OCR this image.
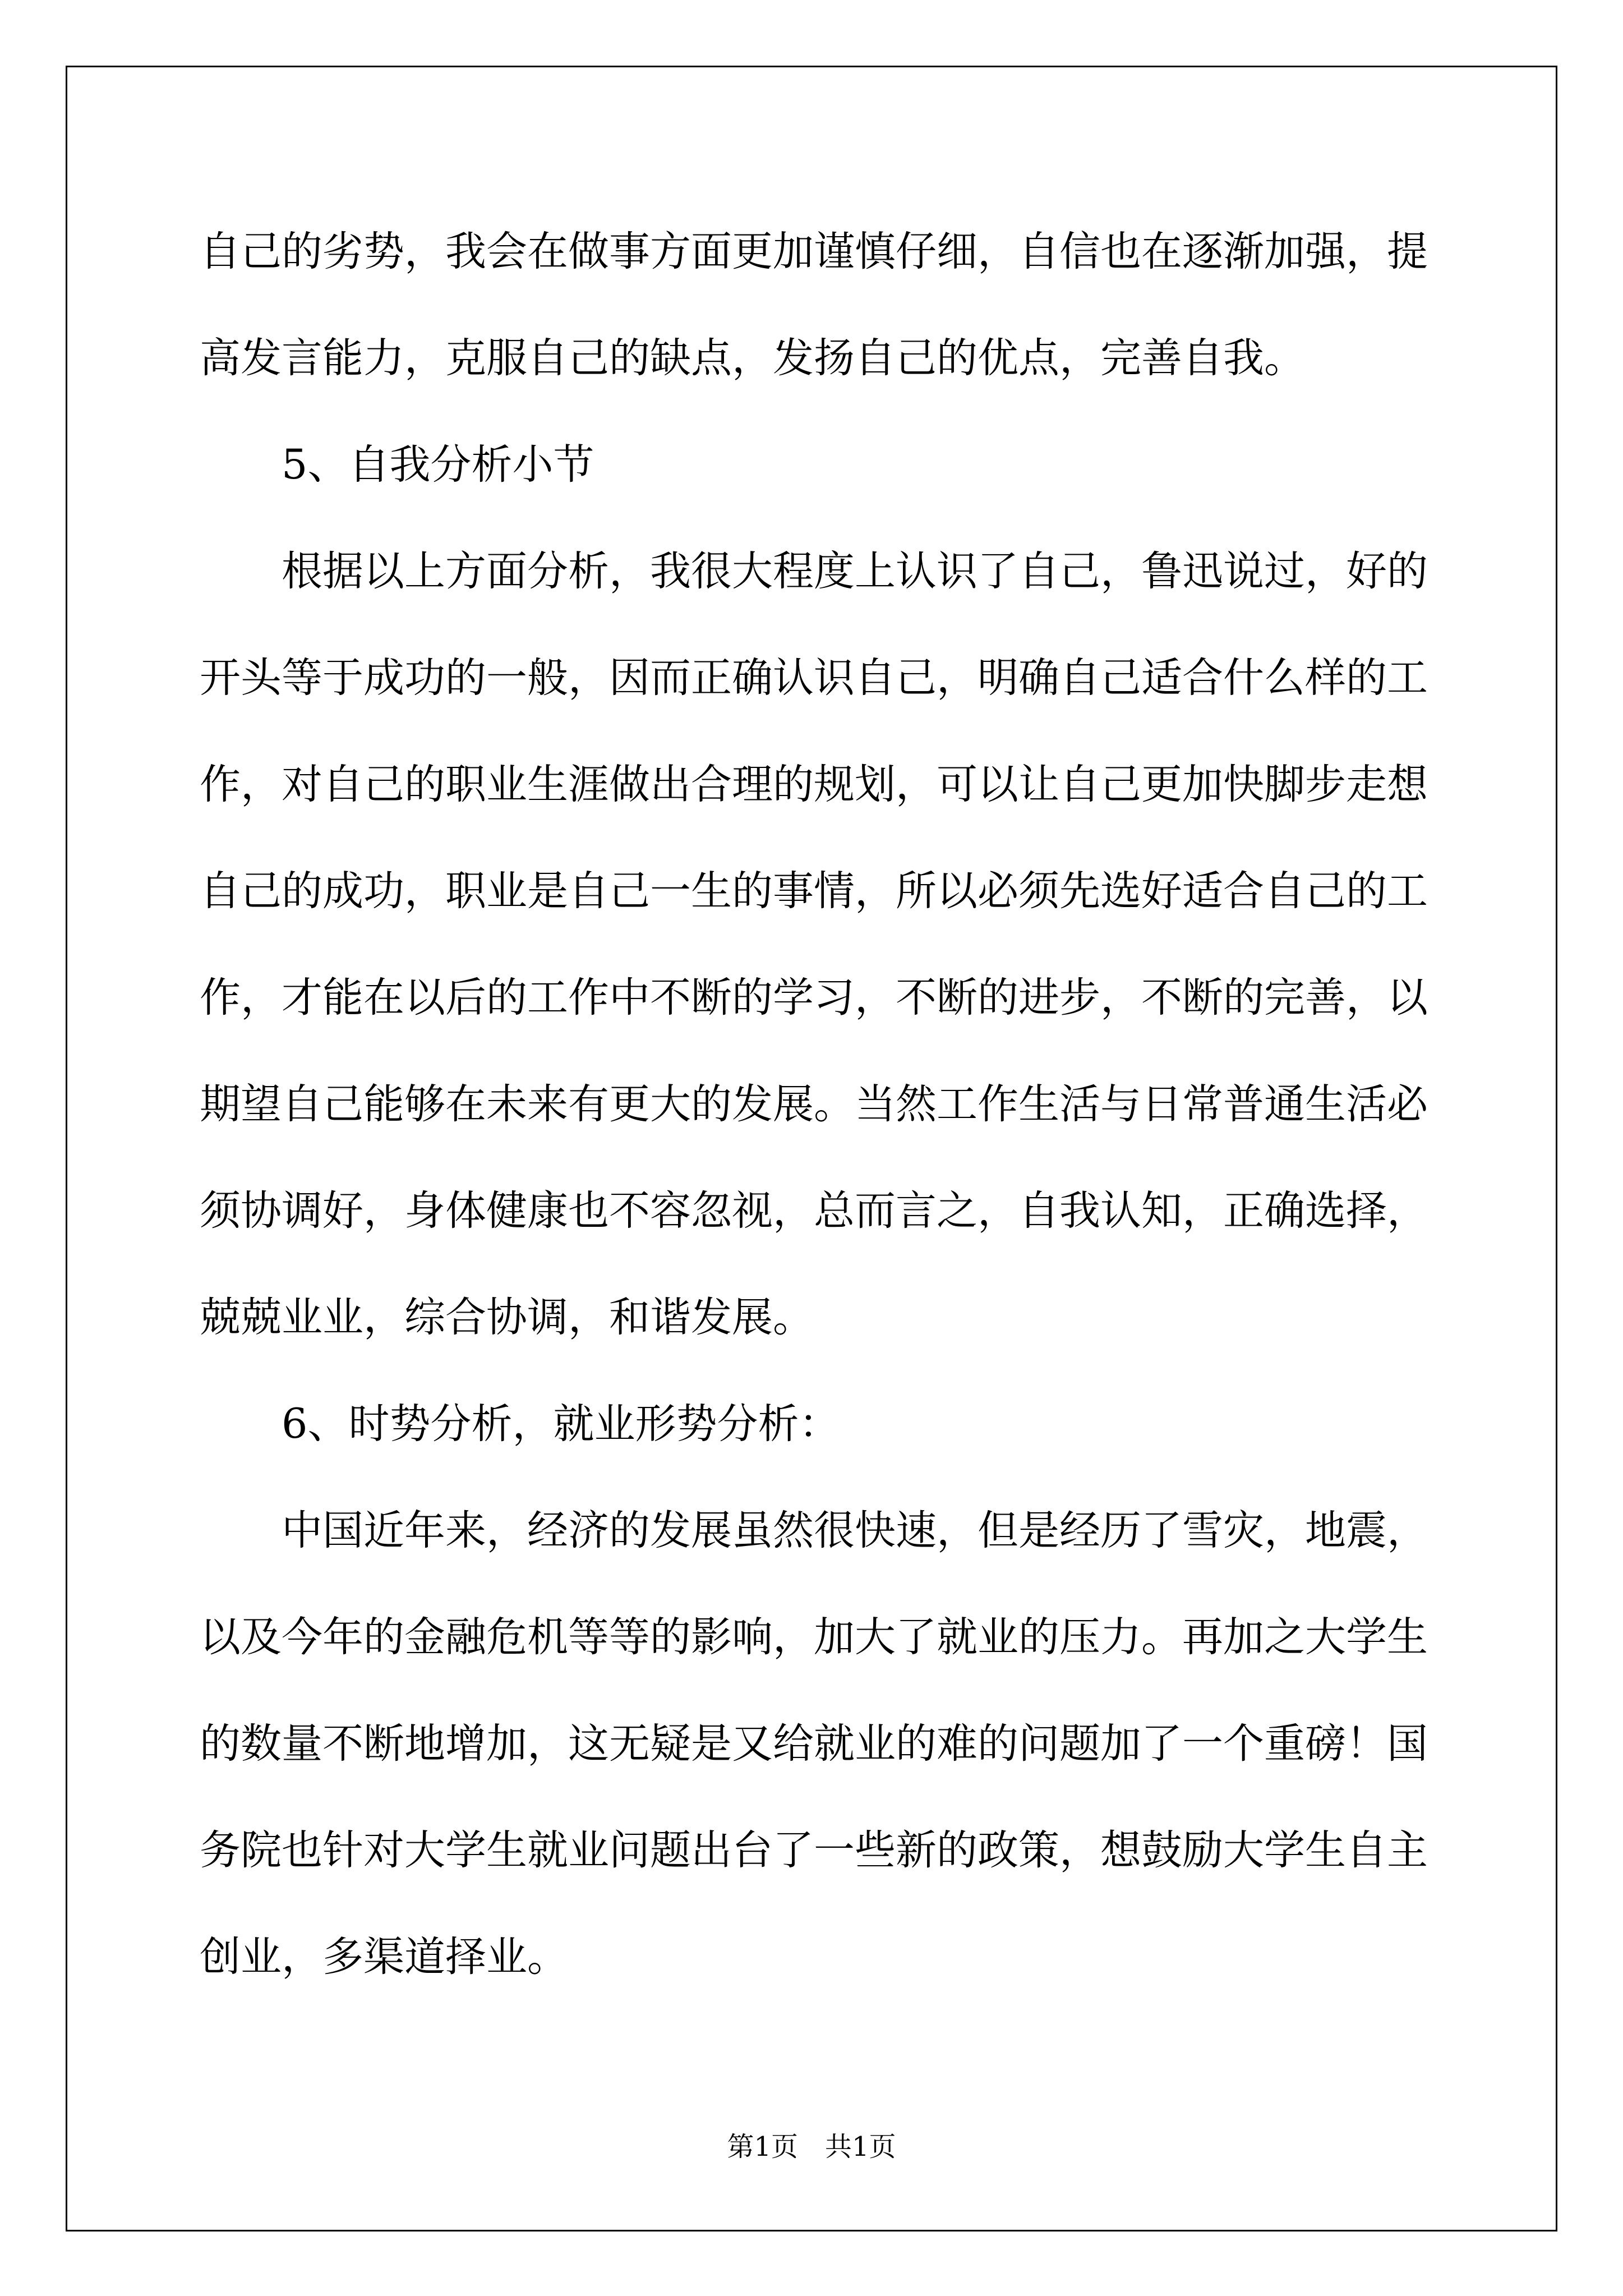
自己的劣势，我会在做事方面更加谨慎仔细，自信也在逐渐加强，提
高发言能力，克服自己的缺点，发扬自己的优点，完善自我。
5、自我分析小节
根据以上方面分析，我很大程度上认识了自己，鲁迅说过，好的
开头等于成功的一般，因而正确认识自己，明确自己适合什么样的工
作，对自己的职业生涯做出合理的规划，可以让自己更加快脚步走想
自己的成功，职业是自己一生的事情，所以必须先选好适合自己的工
作，才能在以后的工作中不断的学习，不断的进步，不断的完善，以
期望自己能够在未来有更大的发展。当然工作生活与日常普通生活必
须协调好，身体健康也不容忽视，总而言之，自我认知，正确选择，
兢兢业业，综合协调，和谐发展。
6、时势分析，就业形势分析：
中国近年来，经济的发展虽然很快速，但是经历了雪灾，地震，
以及今年的金融危机等等的影响，加大了就业的压力。再加之大学生
的数量不断地增加，这无疑是又给就业的难的问题加了一个重磅！国
务院也针对大学生就业问题出台了一些新的政策，想鼓励大学生自主
创业，多渠道择业。
第1页　共1页
